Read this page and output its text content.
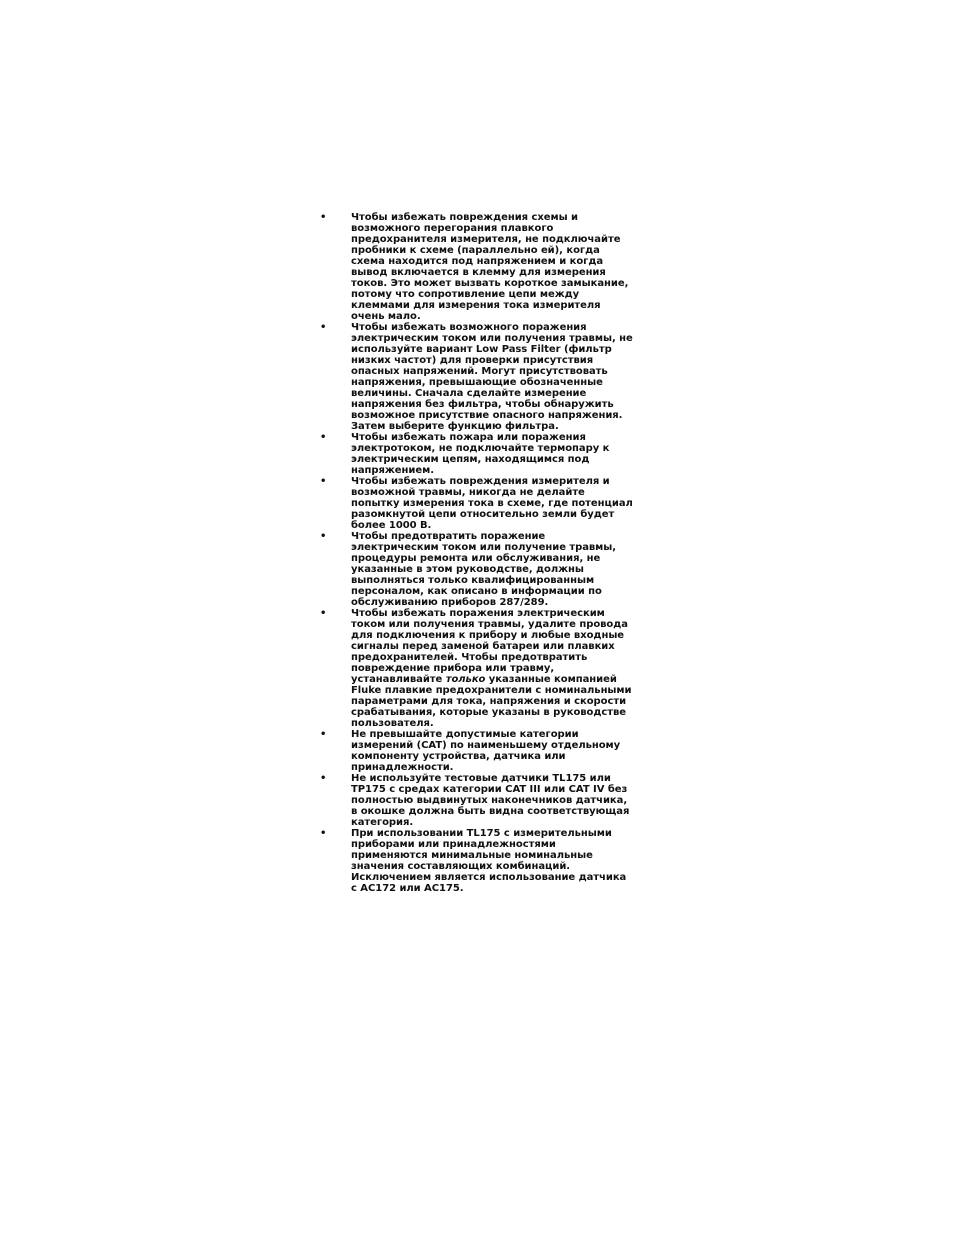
• Чтобы избежать повреждения схемы и
возможного перегорания плавкого
предохранителя измерителя, не подключайте
пробники к схеме (параллельно ей), когда
схема находится под напряжением и когда
вывод включается в клемму для измерения
токов. Это может вызвать короткое замыкание,
потому что сопротивление цепи между
клеммами для измерения тока измерителя
очень мало.
• Чтобы избежать возможного поражения
электрическим током или получения травмы, не
используйте вариант Low Pass Filter (фильтр
низких частот) для проверки присутствия
опасных напряжений. Могут присутствовать
напряжения, превышающие обозначенные
величины. Сначала сделайте измерение
напряжения без фильтра, чтобы обнаружить
возможное присутствие опасного напряжения.
Затем выберите функцию фильтра.
• Чтобы избежать пожара или поражения
электротоком, не подключайте термопару к
электрическим цепям, находящимся под
напряжением.
• Чтобы избежать повреждения измерителя и
возможной травмы, никогда не делайте
попытку измерения тока в схеме, где потенциал
разомкнутой цепи относительно земли будет
более 1000 В.
• Чтобы предотвратить поражение
электрическим током или получение травмы,
процедуры ремонта или обслуживания, не
указанные в этом руководстве, должны
выполняться только квалифицированным
персоналом, как описано в информации по
обслуживанию приборов 287/289.
• Чтобы избежать поражения электрическим
током или получения травмы, удалите провода
для подключения к прибору и любые входные
сигналы перед заменой батареи или плавких
предохранителей. Чтобы предотвратить
повреждение прибора или травму,
устанавливайте только указанные компанией
Fluke плавкие предохранители с номинальными
параметрами для тока, напряжения и скорости
срабатывания, которые указаны в руководстве
пользователя.
• Не превышайте допустимые категории
измерений (CAT) по наименьшему отдельному
компоненту устройства, датчика или
принадлежности.
• Не используйте тестовые датчики TL175 или
TP175 с средах категории CAT III или CAT IV без
полностью выдвинутых наконечников датчика,
в окошке должна быть видна соответствующая
категория.
• При использовании TL175 с измерительными
приборами или принадлежностями
применяются минимальные номинальные
значения составляющих комбинаций.
Исключением является использование датчика
с AC172 или AC175.
